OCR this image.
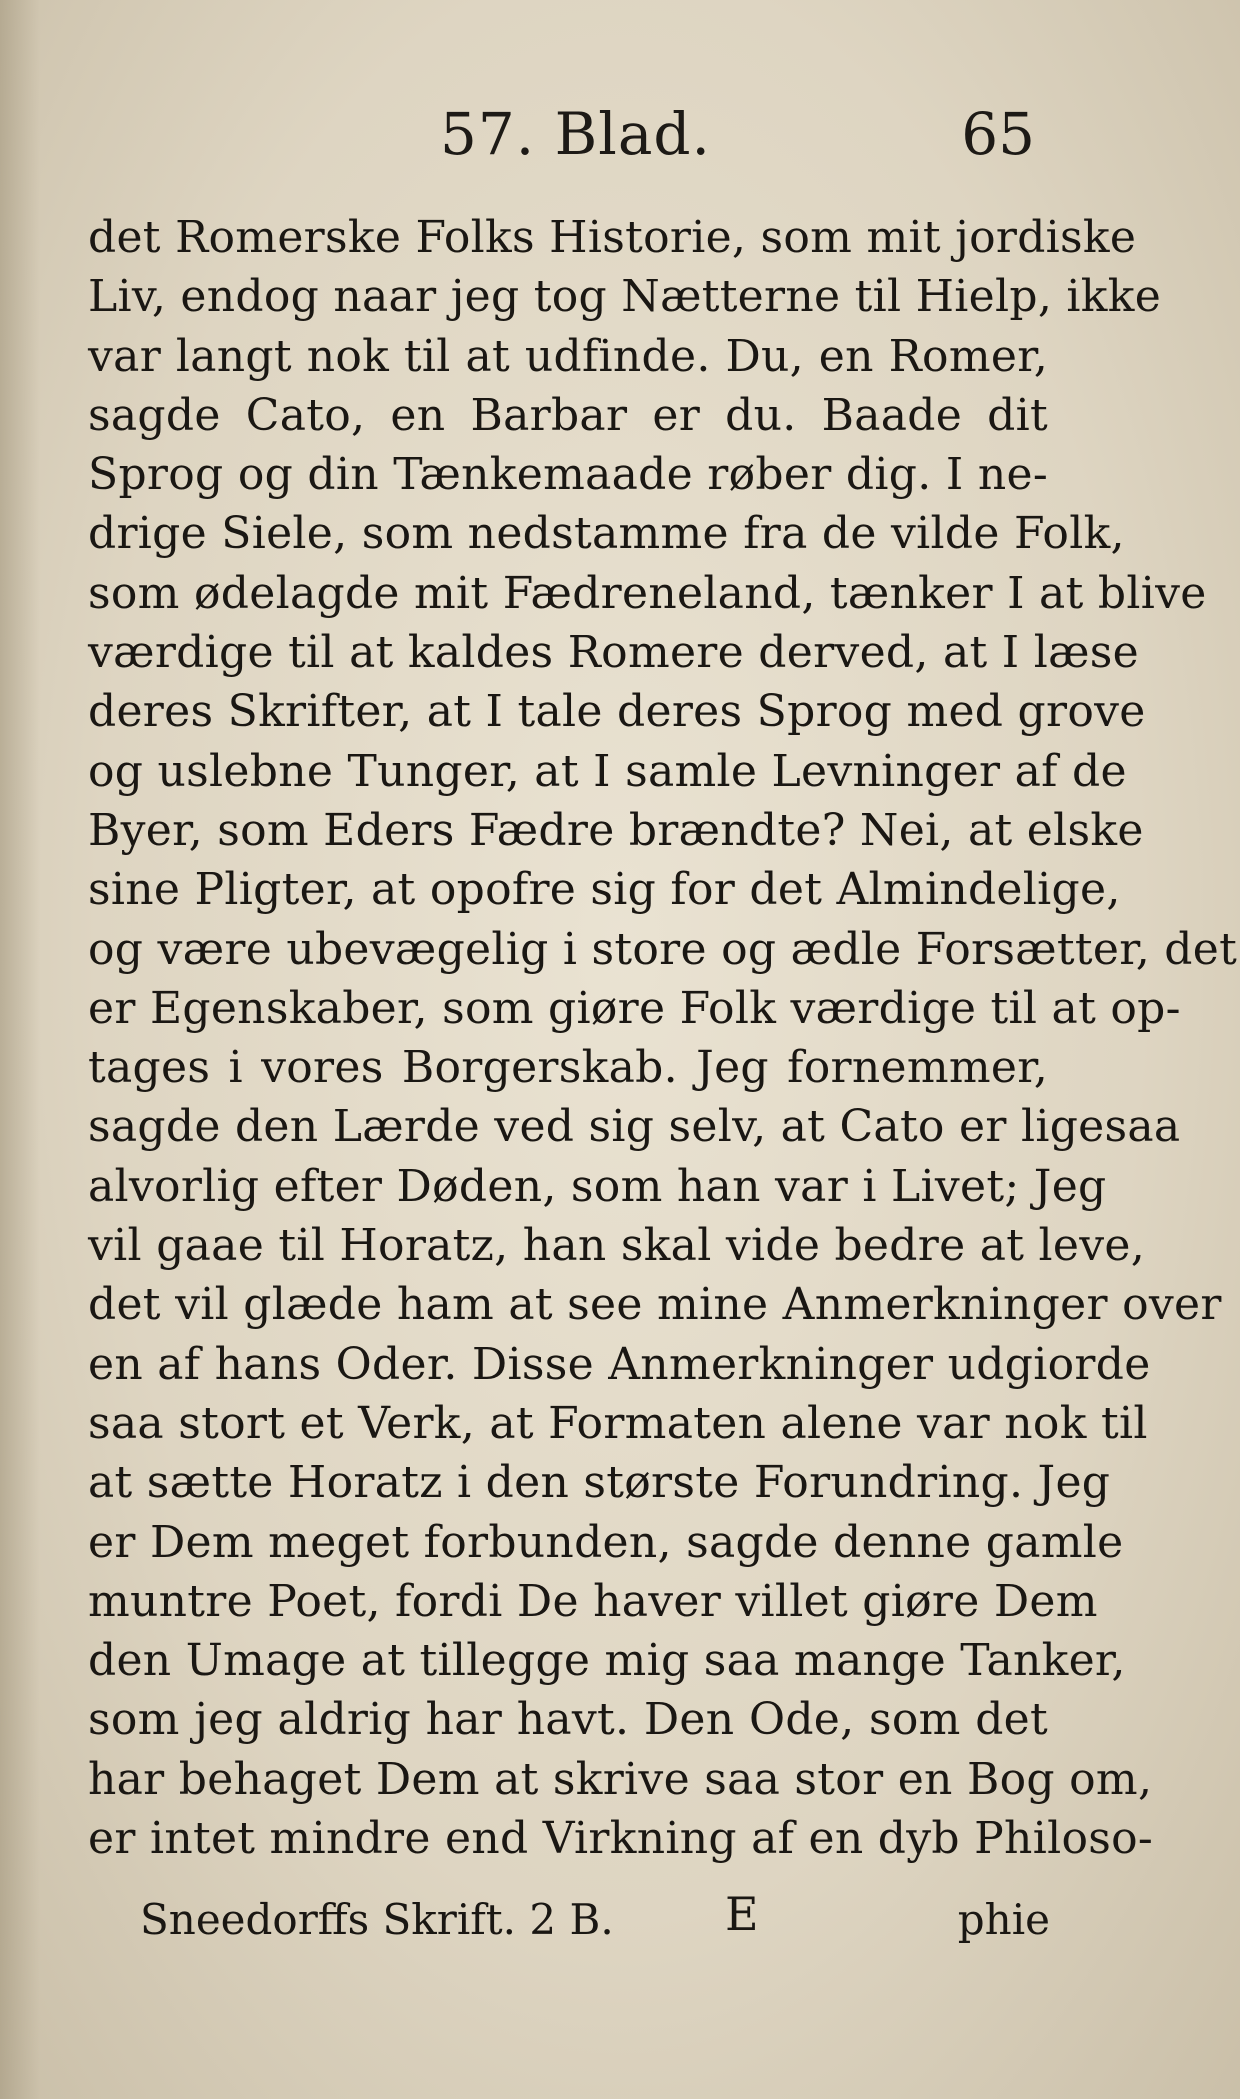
57. Blad.	65
det Romerske Folks Historie, som mit jordiske
Liv, endog naar jeg tog Nætterne til Hielp, ikke
var langt nok til at udfinde. Du, en Romer,
sagde Cato, en Barbar er du. Baade dit
Sprog og din Tænkemaade røber dig. I ne-
drige Siele, som nedstamme fra de vilde Folk,
som ødelagde mit Fædreneland, tænker I at blive
værdige til at kaldes Romere derved, at I læse
deres Skrifter, at I tale deres Sprog med grove
og uslebne Tunger, at I samle Levninger af de
Byer, som Eders Fædre brændte? Nei, at elske
sine Pligter, at opofre sig for det Almindelige,
og være ubevægelig i store og ædle Forsætter, det
er Egenskaber, som giøre Folk værdige til at op-
tages i vores Borgerskab. Jeg fornemmer,
sagde den Lærde ved sig selv, at Cato er ligesaa
alvorlig efter Døden, som han var i Livet; Jeg
vil gaae til Horatz, han skal vide bedre at leve,
det vil glæde ham at see mine Anmerkninger over
en af hans Oder. Disse Anmerkninger udgiorde
saa stort et Verk, at Formaten alene var nok til
at sætte Horatz i den største Forundring. Jeg
er Dem meget forbunden, sagde denne gamle
muntre Poet, fordi De haver villet giøre Dem
den Umage at tillegge mig saa mange Tanker,
som jeg aldrig har havt. Den Ode, som det
har behaget Dem at skrive saa stor en Bog om,
er intet mindre end Virkning af en dyb Philoso-
Sneedorffs Skrift. 2 B. E	phie
